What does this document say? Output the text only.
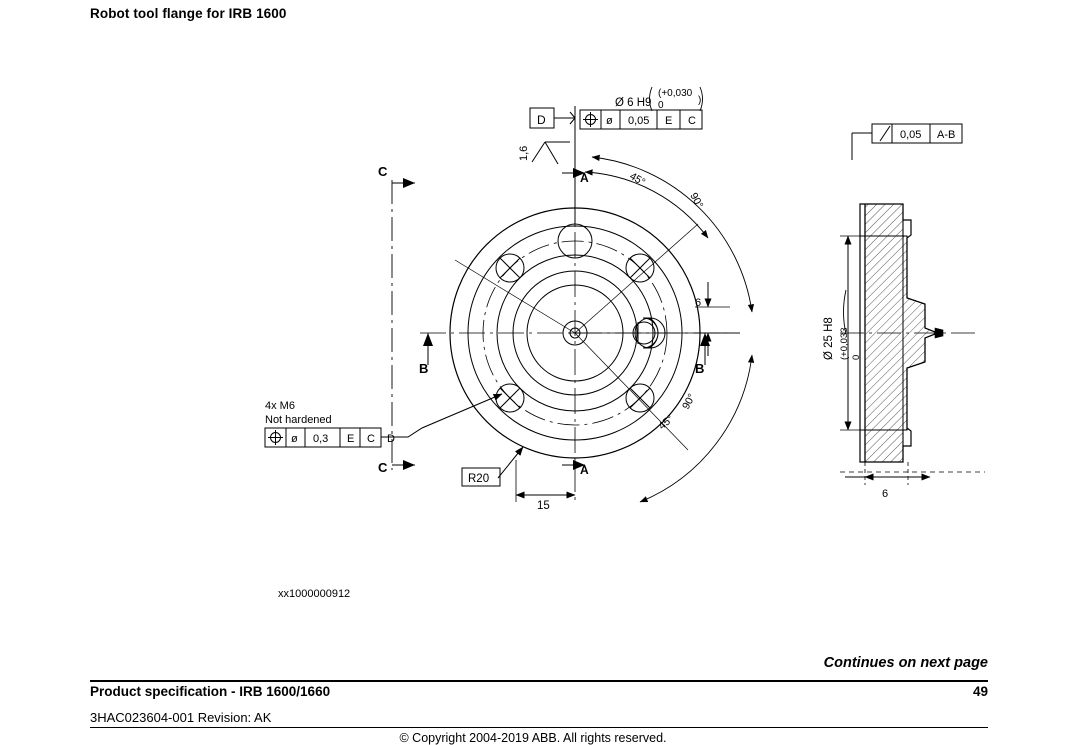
Robot tool flange for IRB 1600
D
1,6
Ø 6 H9
(+0,030
0	)
ø 0,05 E C
A
A
C
C
B	B
45°
90°
90°
45°
6
15
R20
4x M6
Not hardened
ø 0,3 E C D
0,05 A-B
Ø 25 H8 (+0,033 0
6
xx1000000912
Continues on next page
Product specification - IRB 1600/1660	49
3HAC023604-001 Revision: AK
© Copyright 2004-2019 ABB. All rights reserved.
